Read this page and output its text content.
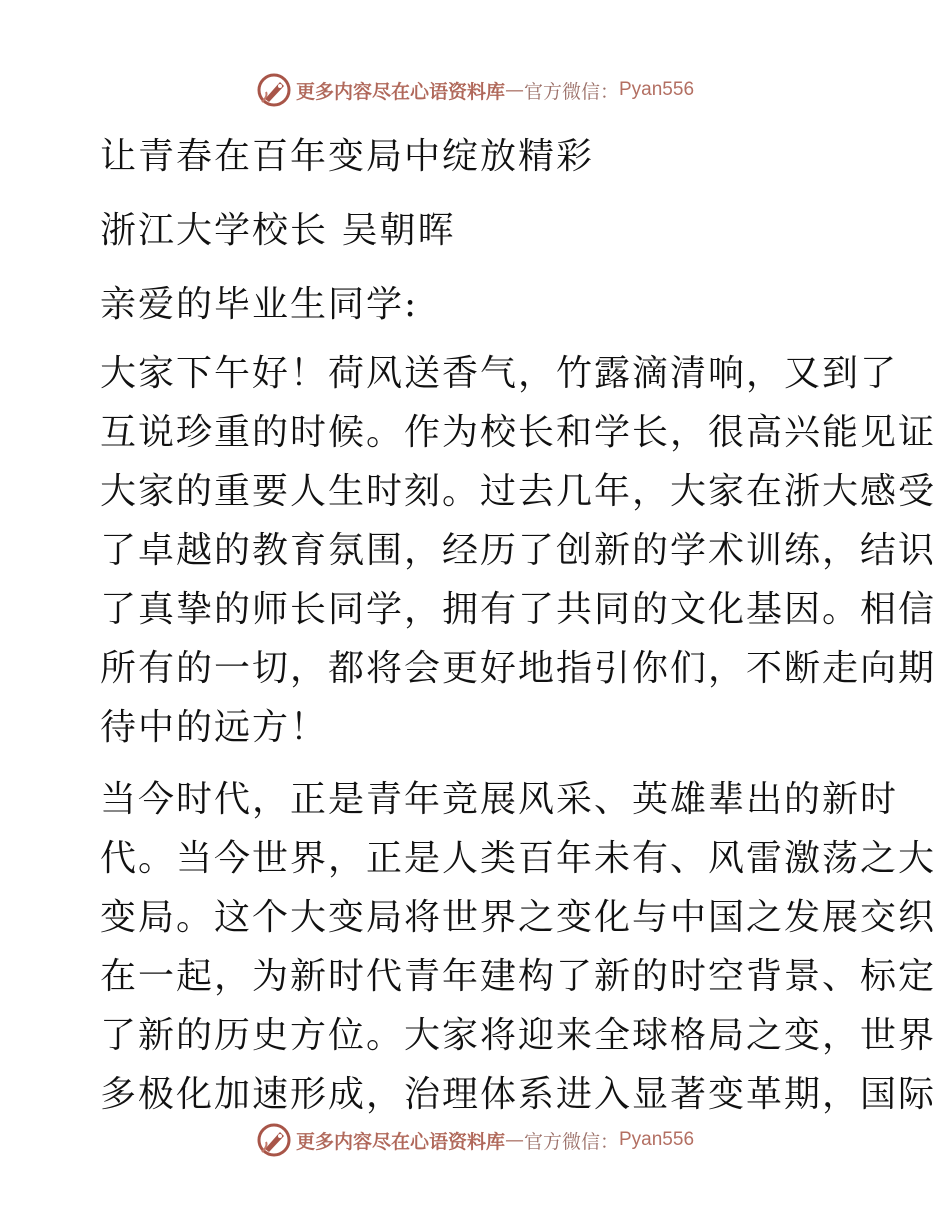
更多内容尽在心语资料库 — 官方微信： Pyan556

让青春在百年变局中绽放精彩

浙江大学校长 吴朝晖

亲爱的毕业生同学:

大家下午好！荷风送香气，竹露滴清响，又到了

互说珍重的时候。作为校长和学长，很高兴能见证

大家的重要人生时刻。过去几年，大家在浙大感受

了卓越的教育氛围，经历了创新的学术训练，结识

了真挚的师长同学，拥有了共同的文化基因。相信

所有的一切，都将会更好地指引你们，不断走向期

待中的远方！

当今时代，正是青年竞展风采、英雄辈出的新时

代。当今世界，正是人类百年未有、风雷激荡之大

变局。这个大变局将世界之变化与中国之发展交织

在一起，为新时代青年建构了新的时空背景、标定

了新的历史方位。大家将迎来全球格局之变，世界

多极化加速形成，治理体系进入显著变革期，国际

更多内容尽在心语资料库 — 官方微信： Pyan556
